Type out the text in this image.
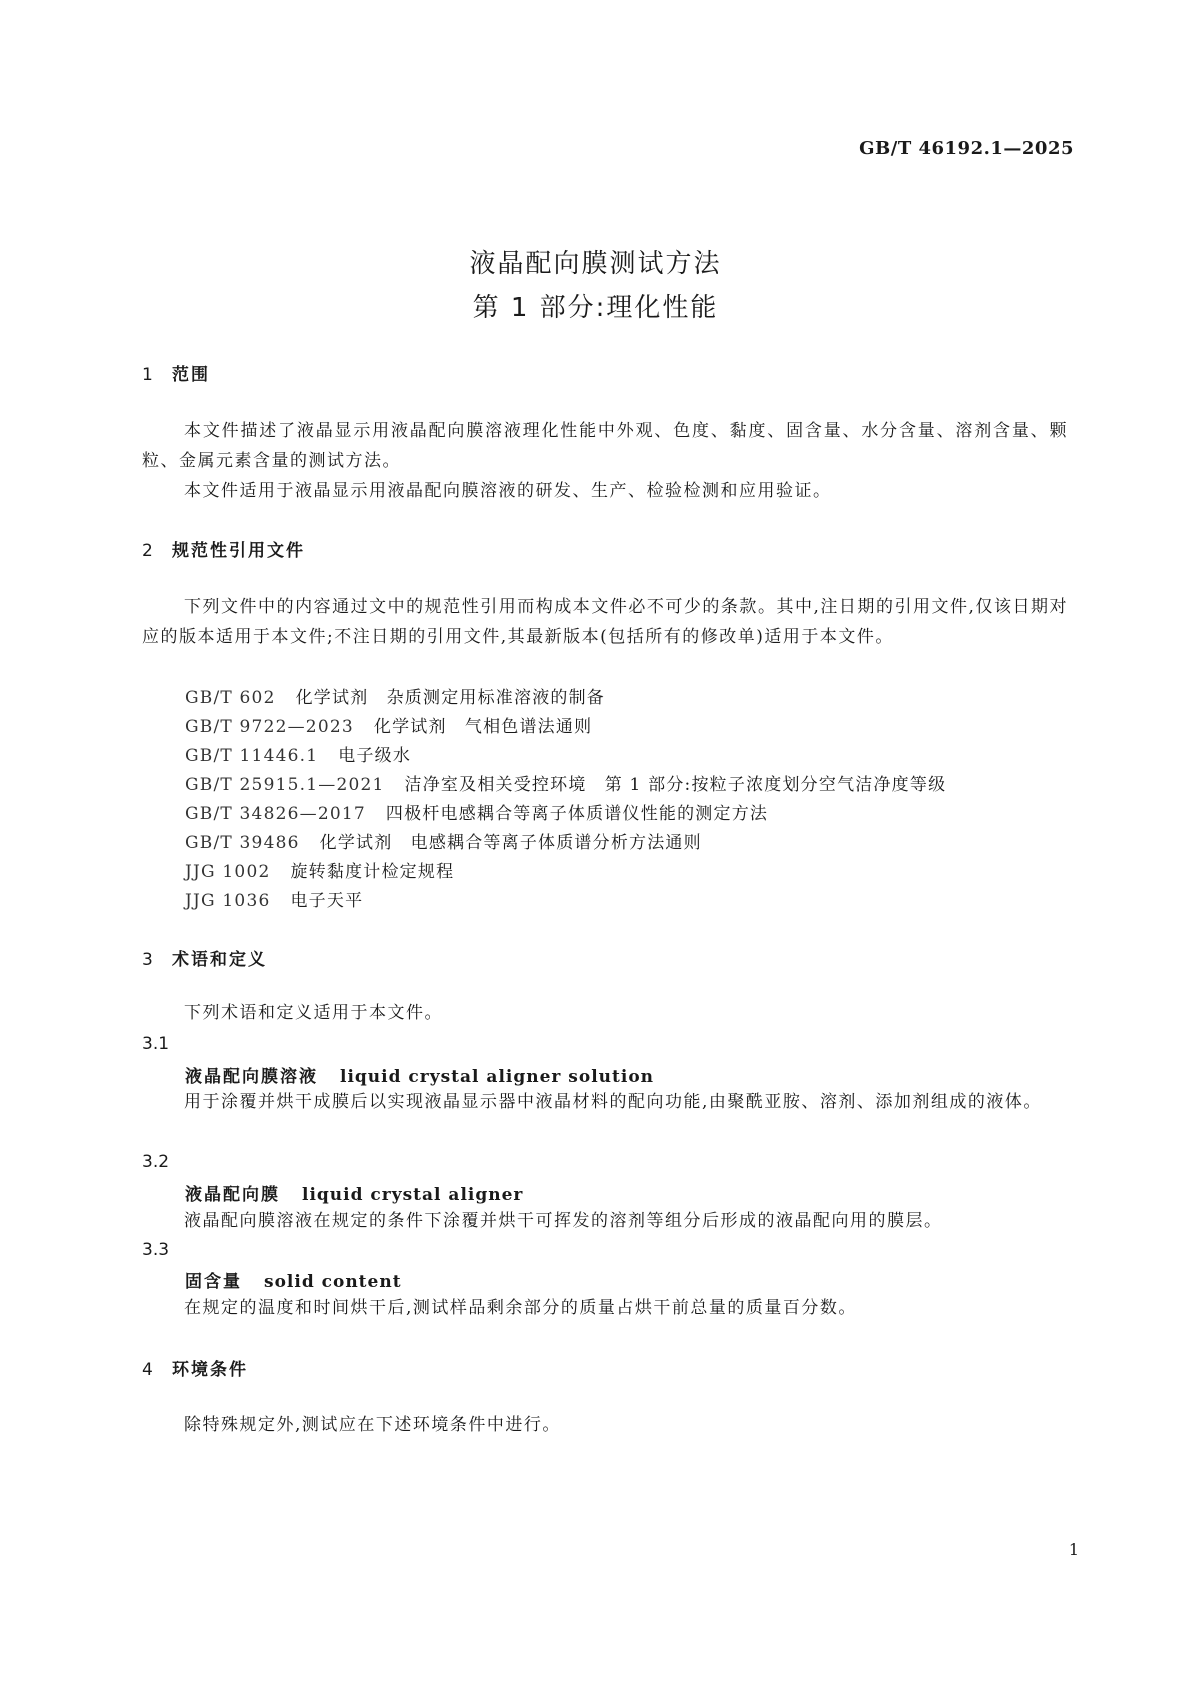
GB/T 46192.1—2025
液晶配向膜测试方法
第 1 部分:理化性能
1 范围
本文件描述了液晶显示用液晶配向膜溶液理化性能中外观、色度、黏度、固含量、水分含量、溶剂含量、颗粒、金属元素含量的测试方法。
本文件适用于液晶显示用液晶配向膜溶液的研发、生产、检验检测和应用验证。
2 规范性引用文件
下列文件中的内容通过文中的规范性引用而构成本文件必不可少的条款。其中,注日期的引用文件,仅该日期对应的版本适用于本文件;不注日期的引用文件,其最新版本(包括所有的修改单)适用于本文件。
GB/T 602 化学试剂　杂质测定用标准溶液的制备
GB/T 9722—2023 化学试剂　气相色谱法通则
GB/T 11446.1 电子级水
GB/T 25915.1—2021 洁净室及相关受控环境　第 1 部分:按粒子浓度划分空气洁净度等级
GB/T 34826—2017 四极杆电感耦合等离子体质谱仪性能的测定方法
GB/T 39486 化学试剂　电感耦合等离子体质谱分析方法通则
JJG 1002 旋转黏度计检定规程
JJG 1036 电子天平
3 术语和定义
下列术语和定义适用于本文件。
3.1
液晶配向膜溶液 liquid crystal aligner solution
用于涂覆并烘干成膜后以实现液晶显示器中液晶材料的配向功能,由聚酰亚胺、溶剂、添加剂组成的液体。
3.2
液晶配向膜 liquid crystal aligner
液晶配向膜溶液在规定的条件下涂覆并烘干可挥发的溶剂等组分后形成的液晶配向用的膜层。
3.3
固含量 solid content
在规定的温度和时间烘干后,测试样品剩余部分的质量占烘干前总量的质量百分数。
4 环境条件
除特殊规定外,测试应在下述环境条件中进行。
1
